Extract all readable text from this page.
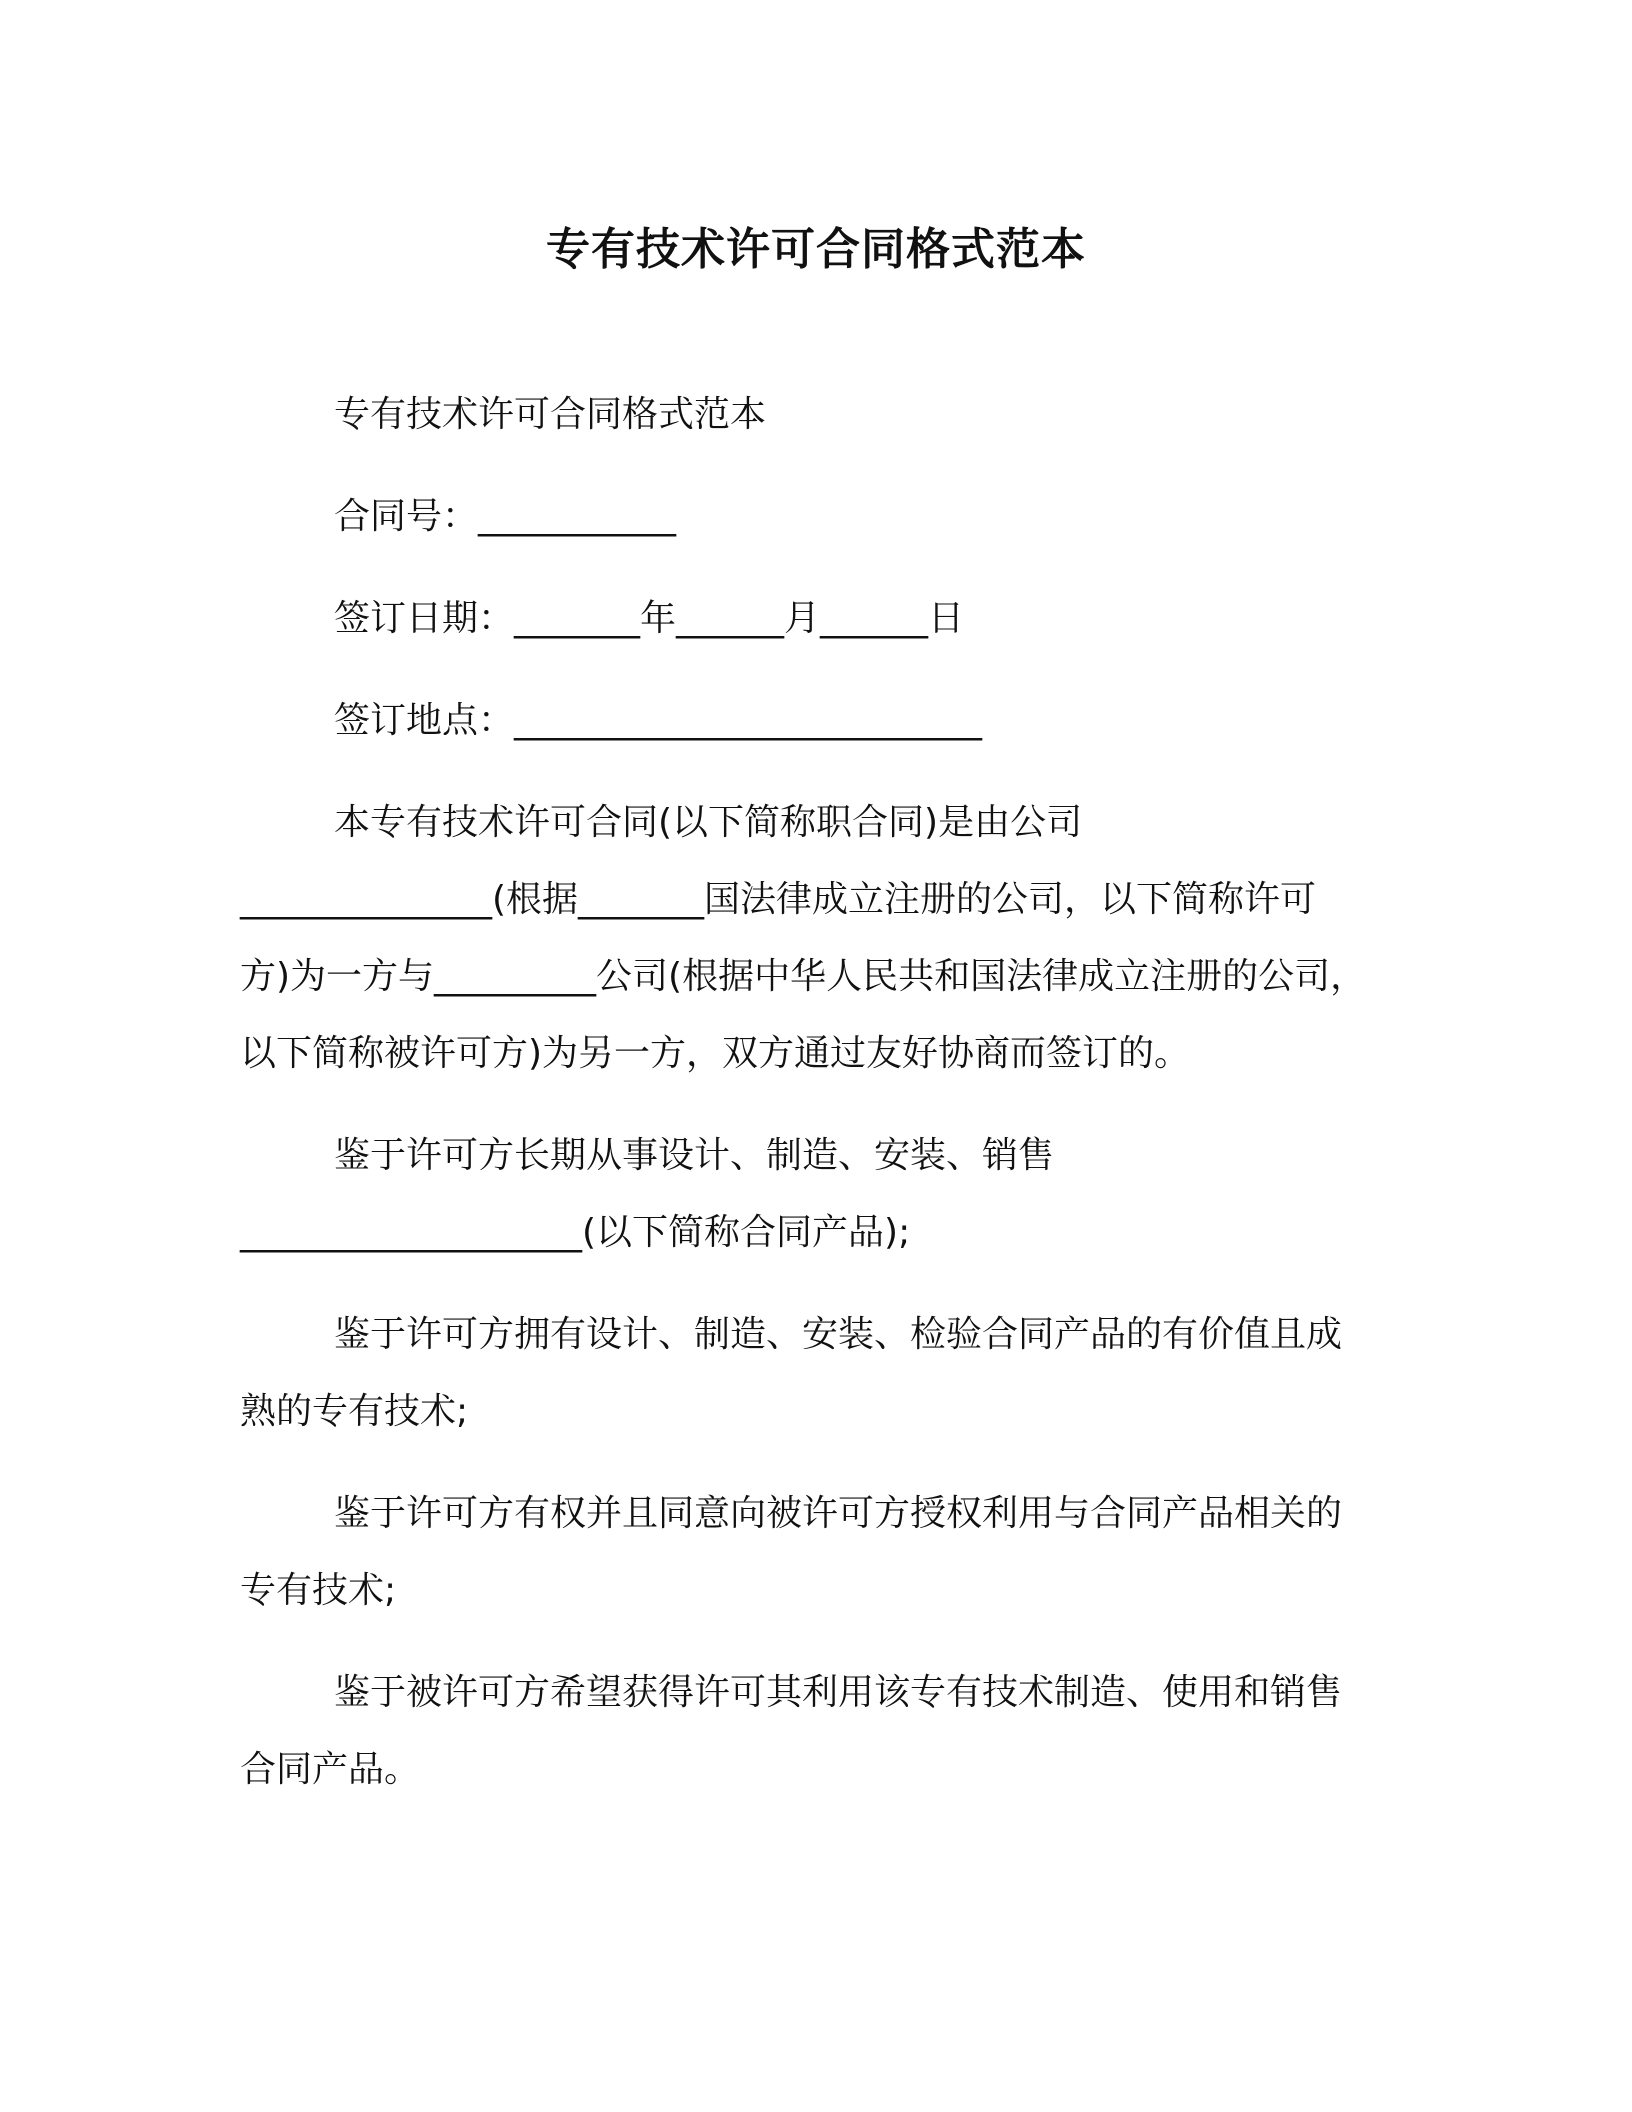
专有技术许可合同格式范本
专有技术许可合同格式范本
合同号：___________
签订日期：_______年______月______日
签订地点：__________________________
本专有技术许可合同(以下简称职合同)是由公司
______________(根据_______国法律成立注册的公司，以下简称许可
方)为一方与_________公司(根据中华人民共和国法律成立注册的公司，
以下简称被许可方)为另一方，双方通过友好协商而签订的。
鉴于许可方长期从事设计、制造、安装、销售
___________________(以下简称合同产品);
鉴于许可方拥有设计、制造、安装、检验合同产品的有价值且成
熟的专有技术;
鉴于许可方有权并且同意向被许可方授权利用与合同产品相关的
专有技术;
鉴于被许可方希望获得许可其利用该专有技术制造、使用和销售
合同产品。
